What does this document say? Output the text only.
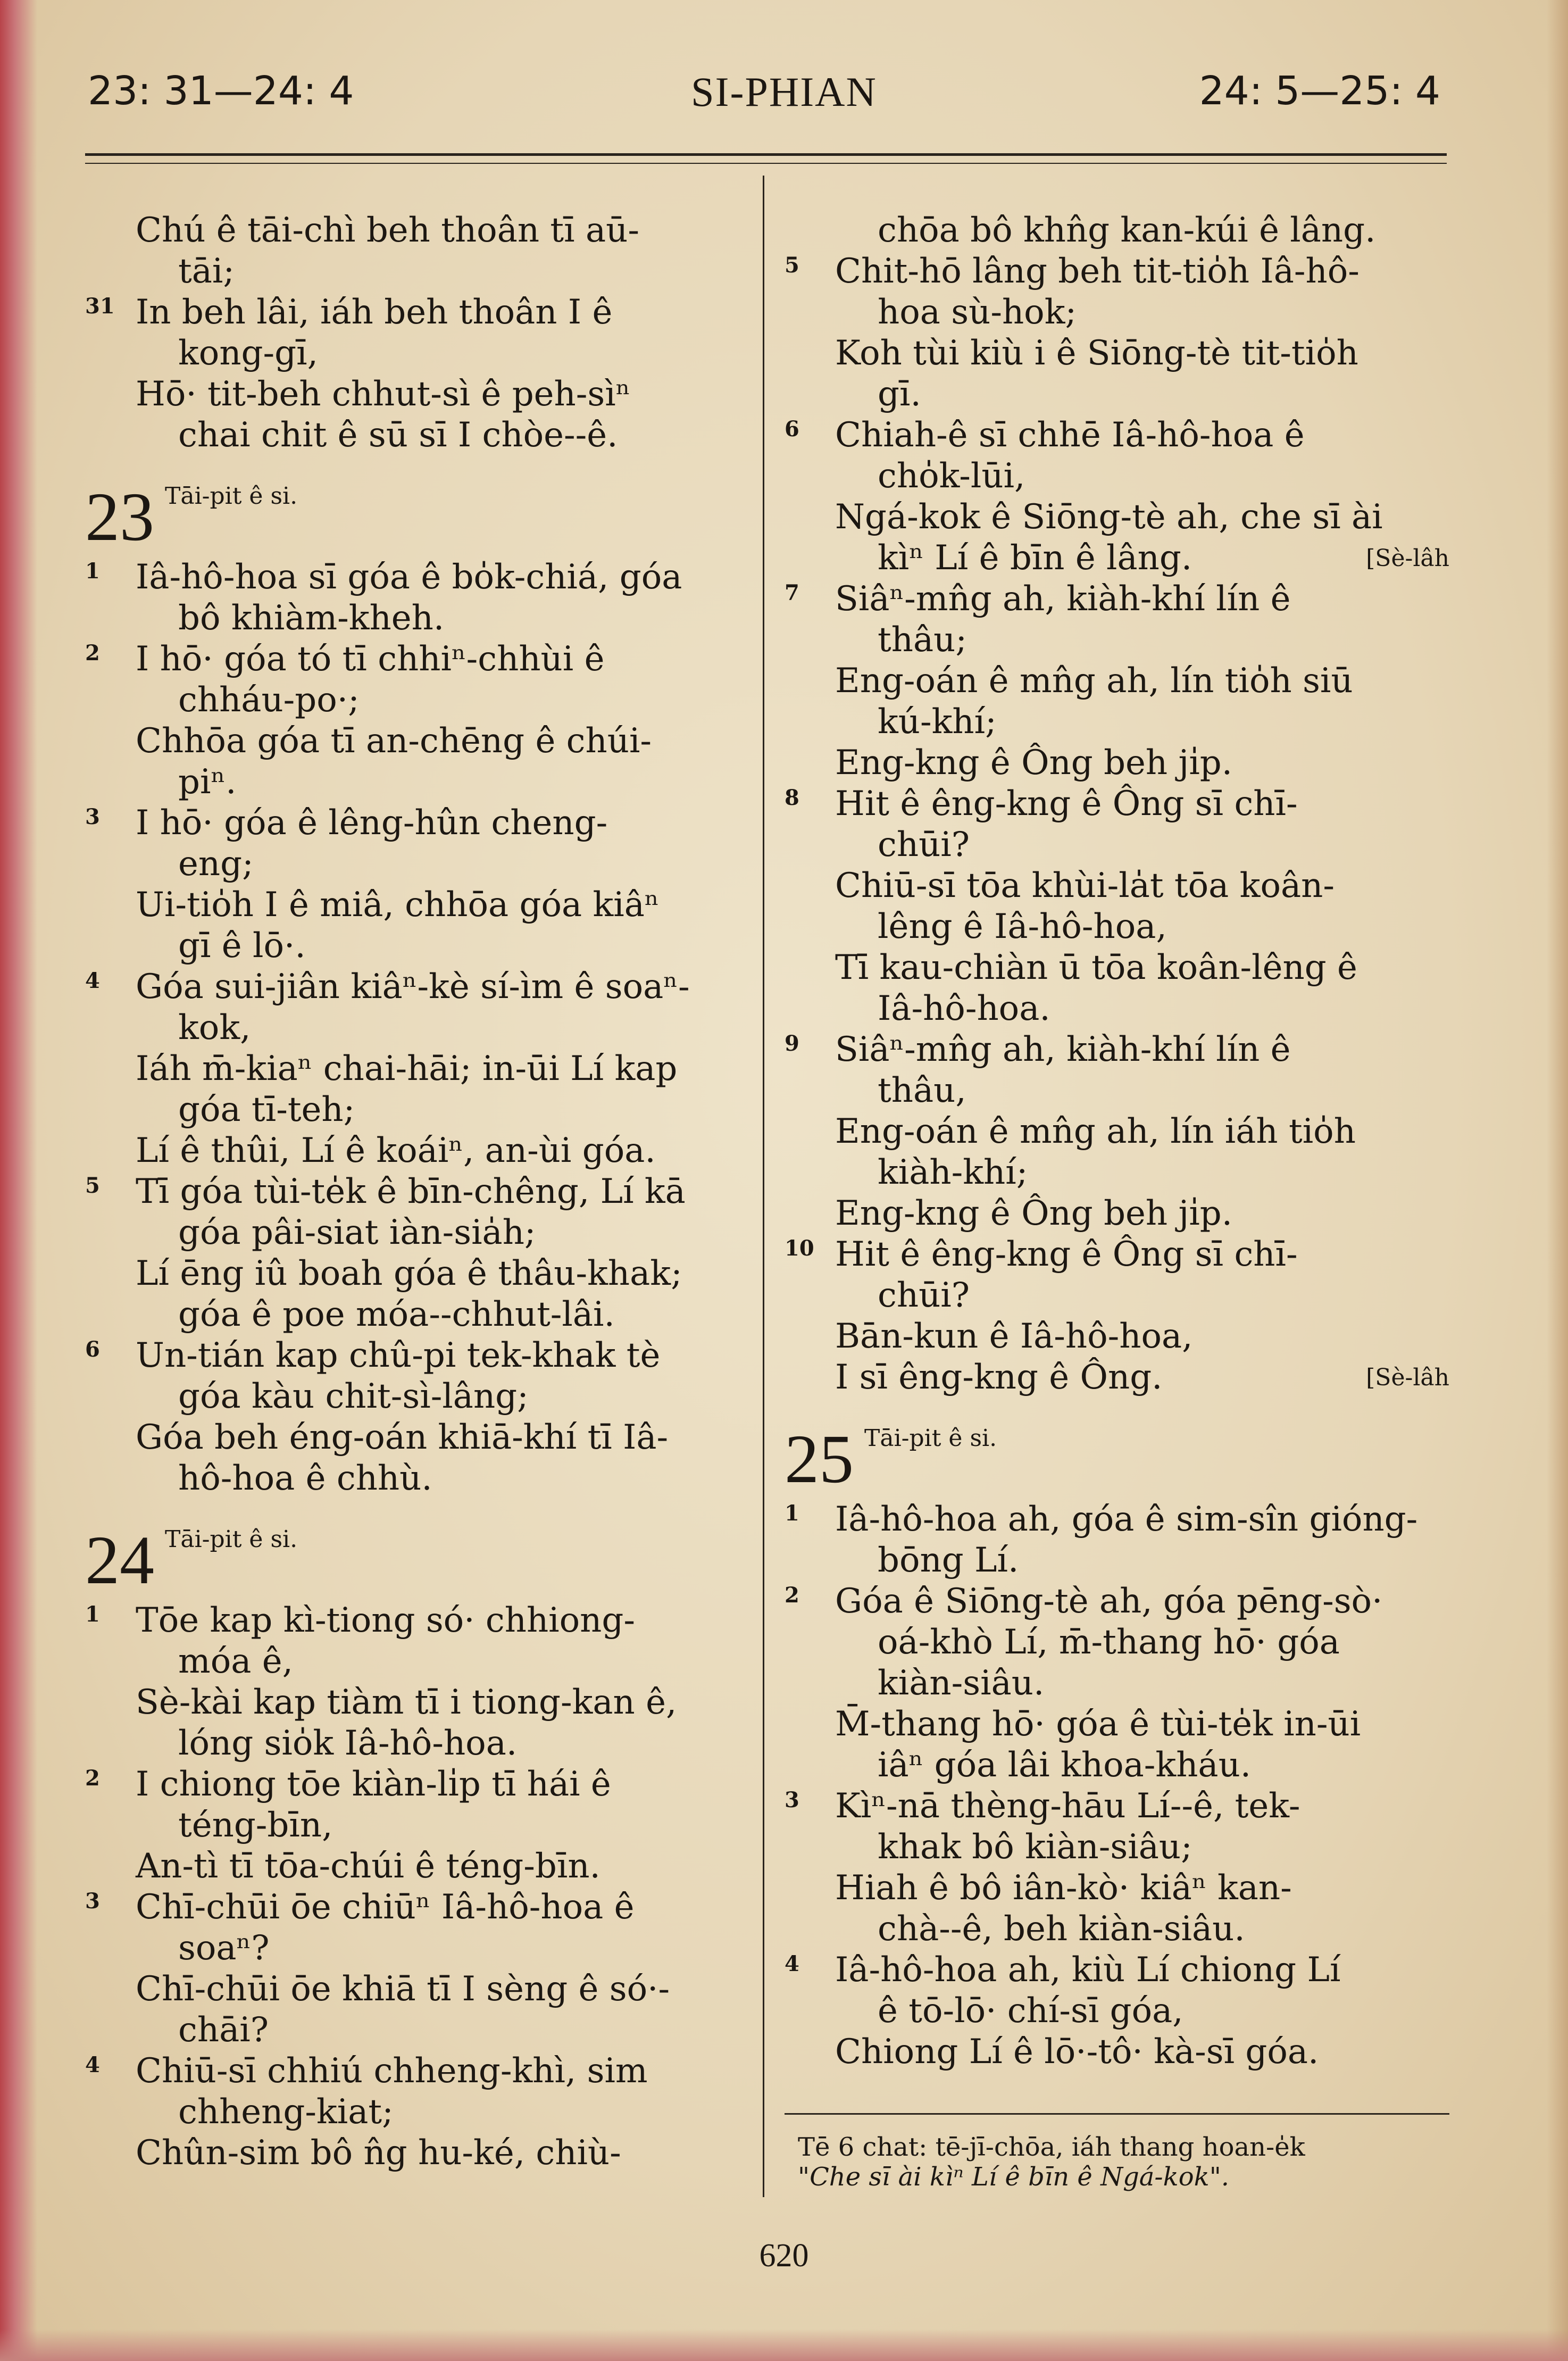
SI-PHIAN
23: 31—24: 4	24: 5—25: 4
Chú ê tāi-chì beh thoân tī aū-
tāi;
31 In beh lâi, iáh beh thoân I ê
kong-gī,
Hō· tit-beh chhut-sì ê peh-sìⁿ
chai chit ê sū sī I chòe--ê.
23 Tāi-pit ê si.
1 Iâ-hô-hoa sī góa ê bo̍k-chiá, góa
bô khiàm-kheh.
2 I hō· góa tó tī chhiⁿ-chhùi ê
chháu-po·;
Chhōa góa tī an-chēng ê chúi-
piⁿ.
3 I hō· góa ê lêng-hûn cheng-
eng;
Ui-tio̍h I ê miâ, chhōa góa kiâⁿ
gī ê lō·.
4 Góa sui-jiân kiâⁿ-kè sí-ìm ê soaⁿ-
kok,
Iáh m̄-kiaⁿ chai-hāi; in-ūi Lí kap
góa tī-teh;
Lí ê thûi, Lí ê koáiⁿ, an-ùi góa.
5 Tī góa tùi-te̍k ê bīn-chêng, Lí kā
góa pâi-siat iàn-sia̍h;
Lí ēng iû boah góa ê thâu-khak;
góa ê poe móa--chhut-lâi.
6 Un-tián kap chû-pi tek-khak tè
góa kàu chit-sì-lâng;
Góa beh éng-oán khiā-khí tī Iâ-
hô-hoa ê chhù.
24 Tāi-pit ê si.
1 Tōe kap kì-tiong só· chhiong-
móa ê,
Sè-kài kap tiàm tī i tiong-kan ê,
lóng sio̍k Iâ-hô-hoa.
2 I chiong tōe kiàn-li̍p tī hái ê
téng-bīn,
An-tì tī tōa-chúi ê téng-bīn.
3 Chī-chūi ōe chiūⁿ Iâ-hô-hoa ê
soaⁿ?
Chī-chūi ōe khiā tī I sèng ê só·-
chāi?
4 Chiū-sī chhiú chheng-khì, sim
chheng-kiat;
Chûn-sim bô n̂g hu-ké, chiù-
chōa bô khn̂g kan-kúi ê lâng.
5 Chit-hō lâng beh tit-tio̍h Iâ-hô-
hoa sù-hok;
Koh tùi kiù i ê Siōng-tè tit-tio̍h
gī.
6 Chiah-ê sī chhē Iâ-hô-hoa ê
cho̍k-lūi,
Ngá-kok ê Siōng-tè ah, che sī ài
kìⁿ Lí ê bīn ê lâng.	[Sè-lâh
7 Siâⁿ-mn̂g ah, kiàh-khí lín ê
thâu;
Eng-oán ê mn̂g ah, lín tio̍h siū
kú-khí;
Eng-kng ê Ông beh ji̍p.
8 Hit ê êng-kng ê Ông sī chī-
chūi?
Chiū-sī tōa khùi-la̍t tōa koân-
lêng ê Iâ-hô-hoa,
Tī kau-chiàn ū tōa koân-lêng ê
Iâ-hô-hoa.
9 Siâⁿ-mn̂g ah, kiàh-khí lín ê
thâu,
Eng-oán ê mn̂g ah, lín iáh tio̍h
kiàh-khí;
Eng-kng ê Ông beh ji̍p.
10 Hit ê êng-kng ê Ông sī chī-
chūi?
Bān-kun ê Iâ-hô-hoa,
I sī êng-kng ê Ông.	[Sè-lâh
25 Tāi-pit ê si.
1 Iâ-hô-hoa ah, góa ê sim-sîn gióng-
bōng Lí.
2 Góa ê Siōng-tè ah, góa pēng-sò·
oá-khò Lí, m̄-thang hō· góa
kiàn-siâu.
M̄-thang hō· góa ê tùi-te̍k in-ūi
iâⁿ góa lâi khoa-kháu.
3 Kìⁿ-nā thèng-hāu Lí--ê, tek-
khak bô kiàn-siâu;
Hiah ê bô iân-kò· kiâⁿ kan-
chà--ê, beh kiàn-siâu.
4 Iâ-hô-hoa ah, kiù Lí chiong Lí
ê tō-lō· chí-sī góa,
Chiong Lí ê lō·-tô· kà-sī góa.
Tē 6 chat: tē-jī-chōa, iáh thang hoan-e̍k
"Che sī ài kìⁿ Lí ê bīn ê Ngá-kok".
620
